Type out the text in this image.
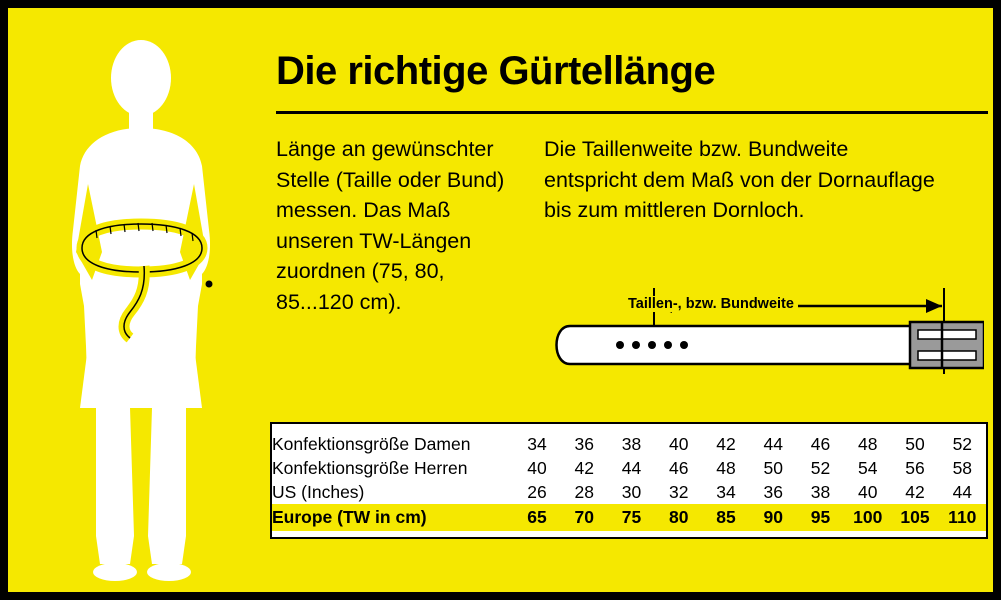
Die richtige Gürtellänge
Länge an gewünschter Stelle (Taille oder Bund) messen. Das Maß unseren TW-Längen zuordnen (75, 80, 85...120 cm).
Die Taillenweite bzw. Bundweite entspricht dem Maß von der Dornauflage bis zum mittleren Dornloch.
Taillen-, bzw. Bundweite
Konfektionsgröße Damen	34	36	38	40	42	44	46	48	50	52
Konfektionsgröße Herren	40	42	44	46	48	50	52	54	56	58
US (Inches)	26	28	30	32	34	36	38	40	42	44
Europe (TW in cm)	65	70	75	80	85	90	95	100	105	110
